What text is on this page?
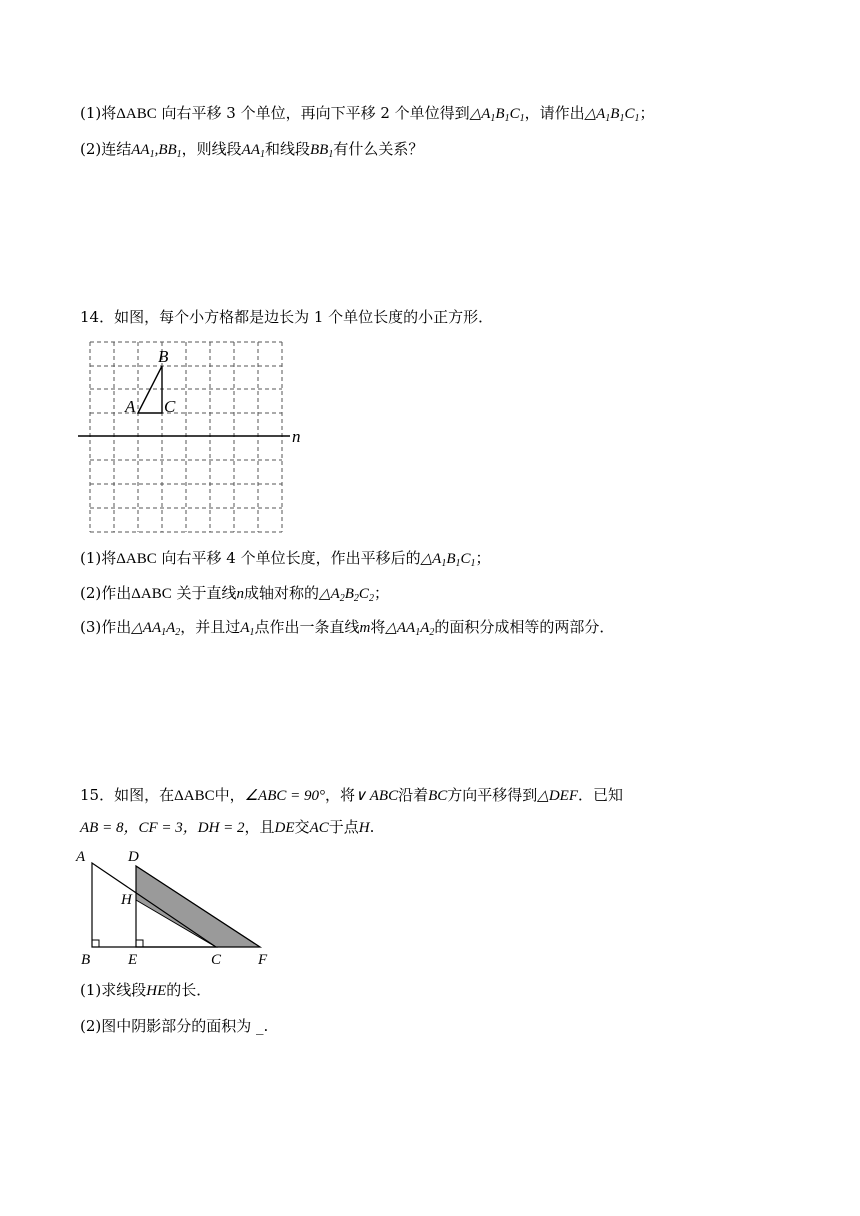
(1)将ΔABC 向右平移 3 个单位，再向下平移 2 个单位得到$\triangle A_1B_1C_1$，请作出$\triangle A_1B_1C_1$；
(2)连结$AA_1,BB_1$，则线段$AA_1$和线段$BB_1$有什么关系？
14．如图，每个小方格都是边长为 1 个单位长度的小正方形．
B
A C
n
(1)将ΔABC 向右平移 4 个单位长度，作出平移后的$\triangle A_1B_1C_1$；
(2)作出ΔABC 关于直线n成轴对称的$\triangle A_2B_2C_2$；
(3)作出$\triangle AA_1A_2$，并且过$A_1$点作出一条直线m将$\triangle AA_1A_2$的面积分成相等的两部分．
15．如图，在ΔABC中，∠ABC = 90°，将∨ ABC沿着BC方向平移得到△DEF．已知
AB = 8，CF = 3，DH = 2，且DE交AC于点H.
A	D
H
B	E	C F
(1)求线段HE的长．
(2)图中阴影部分的面积为 _.
